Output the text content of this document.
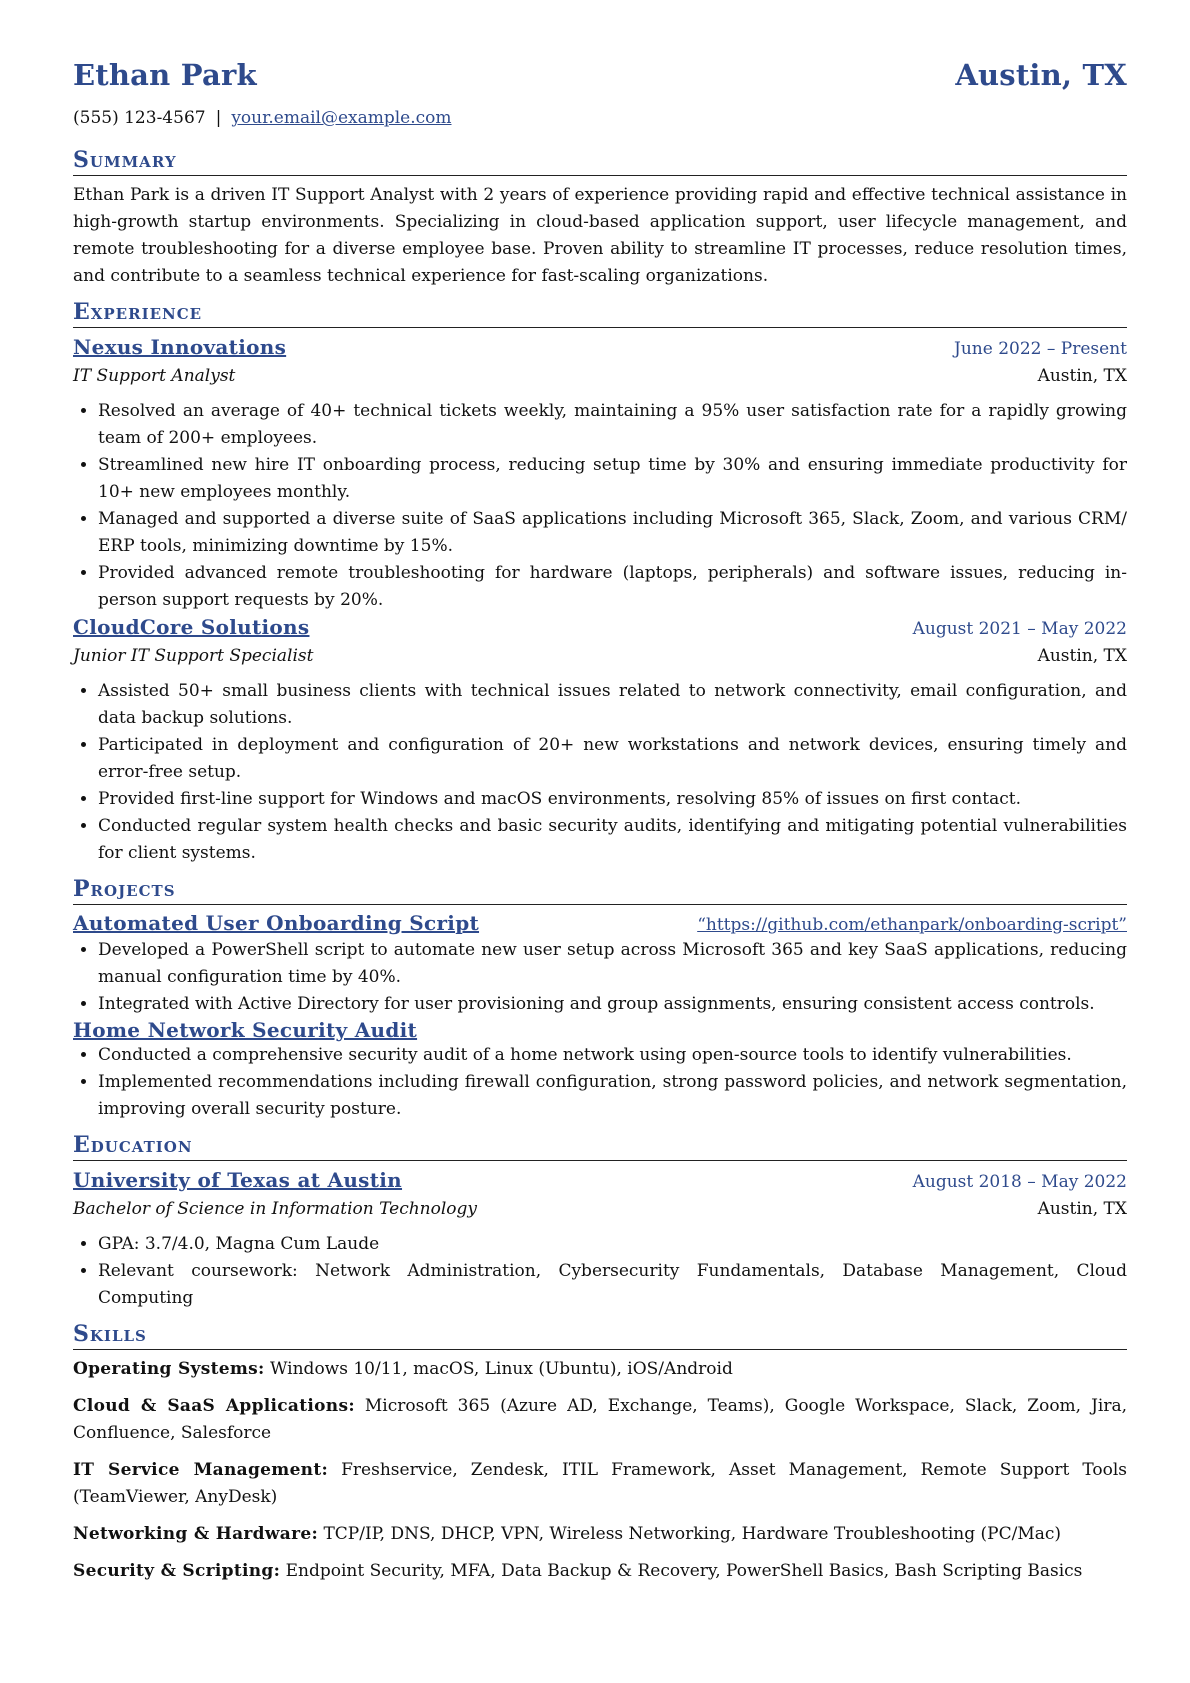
Ethan Park	Austin, TX
(555) 123-4567 | your.email@example.com
Summary
Ethan Park is a driven IT Support Analyst with 2 years of experience providing rapid and effective technical assistance in high-growth startup environments. Specializing in cloud-based application support, user lifecycle management, and remote troubleshooting for a diverse employee base. Proven ability to streamline IT processes, reduce resolution times, and contribute to a seamless technical experience for fast-scaling organizations.
Experience
Nexus Innovations	June 2022 – Present
IT Support Analyst	Austin, TX
• Resolved an average of 40+ technical tickets weekly, maintaining a 95% user satisfaction rate for a rapidly growing team of 200+ employees.
• Streamlined new hire IT onboarding process, reducing setup time by 30% and ensuring immediate productivity for 10+ new employees monthly.
• Managed and supported a diverse suite of SaaS applications including Microsoft 365, Slack, Zoom, and various CRM/ ERP tools, minimizing downtime by 15%.
• Provided advanced remote troubleshooting for hardware (laptops, peripherals) and software issues, reducing in-person support requests by 20%.
CloudCore Solutions	August 2021 – May 2022
Junior IT Support Specialist	Austin, TX
• Assisted 50+ small business clients with technical issues related to network connectivity, email configuration, and data backup solutions.
• Participated in deployment and configuration of 20+ new workstations and network devices, ensuring timely and error-free setup.
• Provided first-line support for Windows and macOS environments, resolving 85% of issues on first contact.
• Conducted regular system health checks and basic security audits, identifying and mitigating potential vulnerabilities for client systems.
Projects
Automated User Onboarding Script	“https://github.com/ethanpark/onboarding-script”
• Developed a PowerShell script to automate new user setup across Microsoft 365 and key SaaS applications, reducing manual configuration time by 40%.
• Integrated with Active Directory for user provisioning and group assignments, ensuring consistent access controls.
Home Network Security Audit
• Conducted a comprehensive security audit of a home network using open-source tools to identify vulnerabilities.
• Implemented recommendations including firewall configuration, strong password policies, and network segmentation, improving overall security posture.
Education
University of Texas at Austin	August 2018 – May 2022
Bachelor of Science in Information Technology	Austin, TX
• GPA: 3.7/4.0, Magna Cum Laude
• Relevant coursework: Network Administration, Cybersecurity Fundamentals, Database Management, Cloud Computing
Skills
Operating Systems: Windows 10/11, macOS, Linux (Ubuntu), iOS/Android
Cloud & SaaS Applications: Microsoft 365 (Azure AD, Exchange, Teams), Google Workspace, Slack, Zoom, Jira, Confluence, Salesforce
IT Service Management: Freshservice, Zendesk, ITIL Framework, Asset Management, Remote Support Tools (TeamViewer, AnyDesk)
Networking & Hardware: TCP/IP, DNS, DHCP, VPN, Wireless Networking, Hardware Troubleshooting (PC/Mac)
Security & Scripting: Endpoint Security, MFA, Data Backup & Recovery, PowerShell Basics, Bash Scripting Basics
